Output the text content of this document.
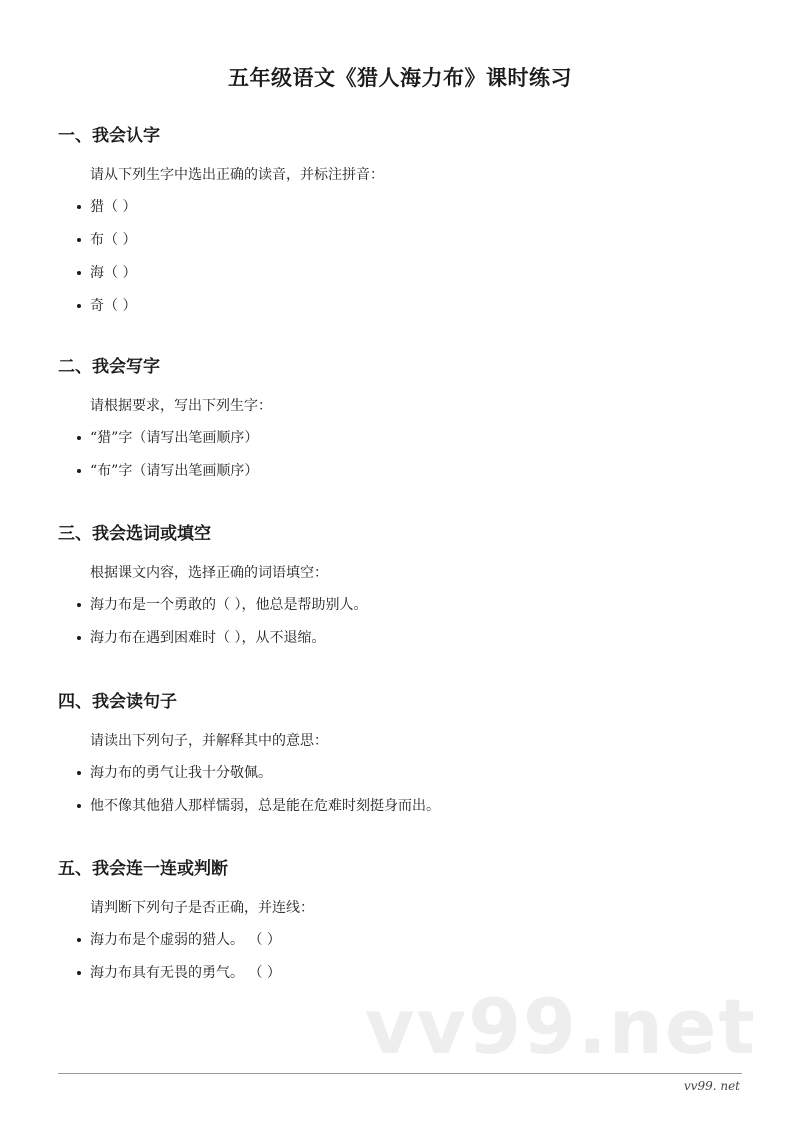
五年级语文《猎人海力布》课时练习
一、我会认字
请从下列生字中选出正确的读音，并标注拼音：
猎（ ）
布（ ）
海（ ）
奇（ ）
二、我会写字
请根据要求，写出下列生字：
“猎”字（请写出笔画顺序）
“布”字（请写出笔画顺序）
三、我会选词或填空
根据课文内容，选择正确的词语填空：
海力布是一个勇敢的（ ），他总是帮助别人。
海力布在遇到困难时（ ），从不退缩。
四、我会读句子
请读出下列句子，并解释其中的意思：
海力布的勇气让我十分敬佩。
他不像其他猎人那样懦弱，总是能在危难时刻挺身而出。
五、我会连一连或判断
请判断下列句子是否正确，并连线：
海力布是个虚弱的猎人。 （ ）
海力布具有无畏的勇气。 （ ）
vv99.net
vv99. net
